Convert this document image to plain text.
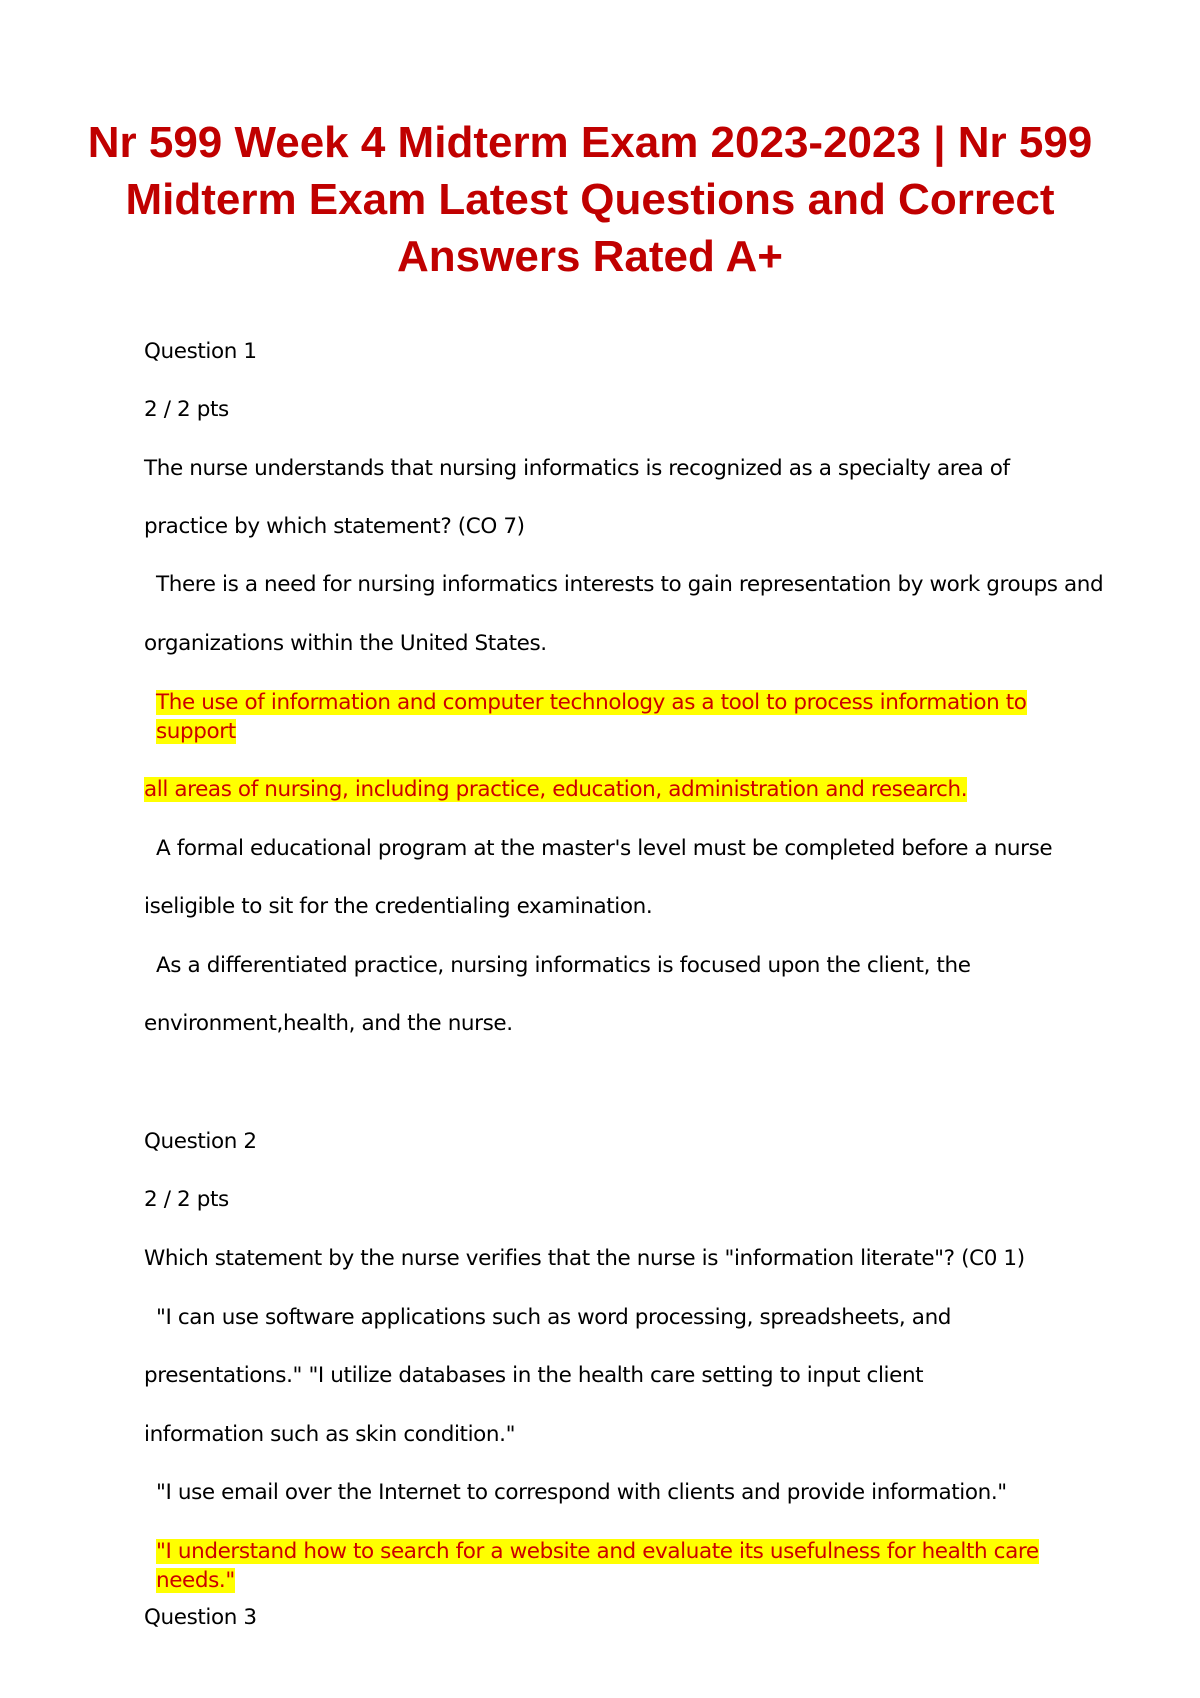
Nr 599 Week 4 Midterm Exam 2023-2023 | Nr 599 Midterm Exam Latest Questions and Correct Answers Rated A+

Question 1

2 / 2 pts

The nurse understands that nursing informatics is recognized as a specialty area of

practice by which statement? (CO 7)

There is a need for nursing informatics interests to gain representation by work groups and

organizations within the United States.

The use of information and computer technology as a tool to process information to

support

all areas of nursing, including practice, education, administration and research.

A formal educational program at the master's level must be completed before a nurse

iseligible to sit for the credentialing examination.

As a differentiated practice, nursing informatics is focused upon the client, the

environment,health, and the nurse.

Question 2

2 / 2 pts

Which statement by the nurse verifies that the nurse is "information literate"? (C0 1)

"I can use software applications such as word processing, spreadsheets, and

presentations." "I utilize databases in the health care setting to input client

information such as skin condition."

"I use email over the Internet to correspond with clients and provide information."

"I understand how to search for a website and evaluate its usefulness for health care

needs."

Question 3
